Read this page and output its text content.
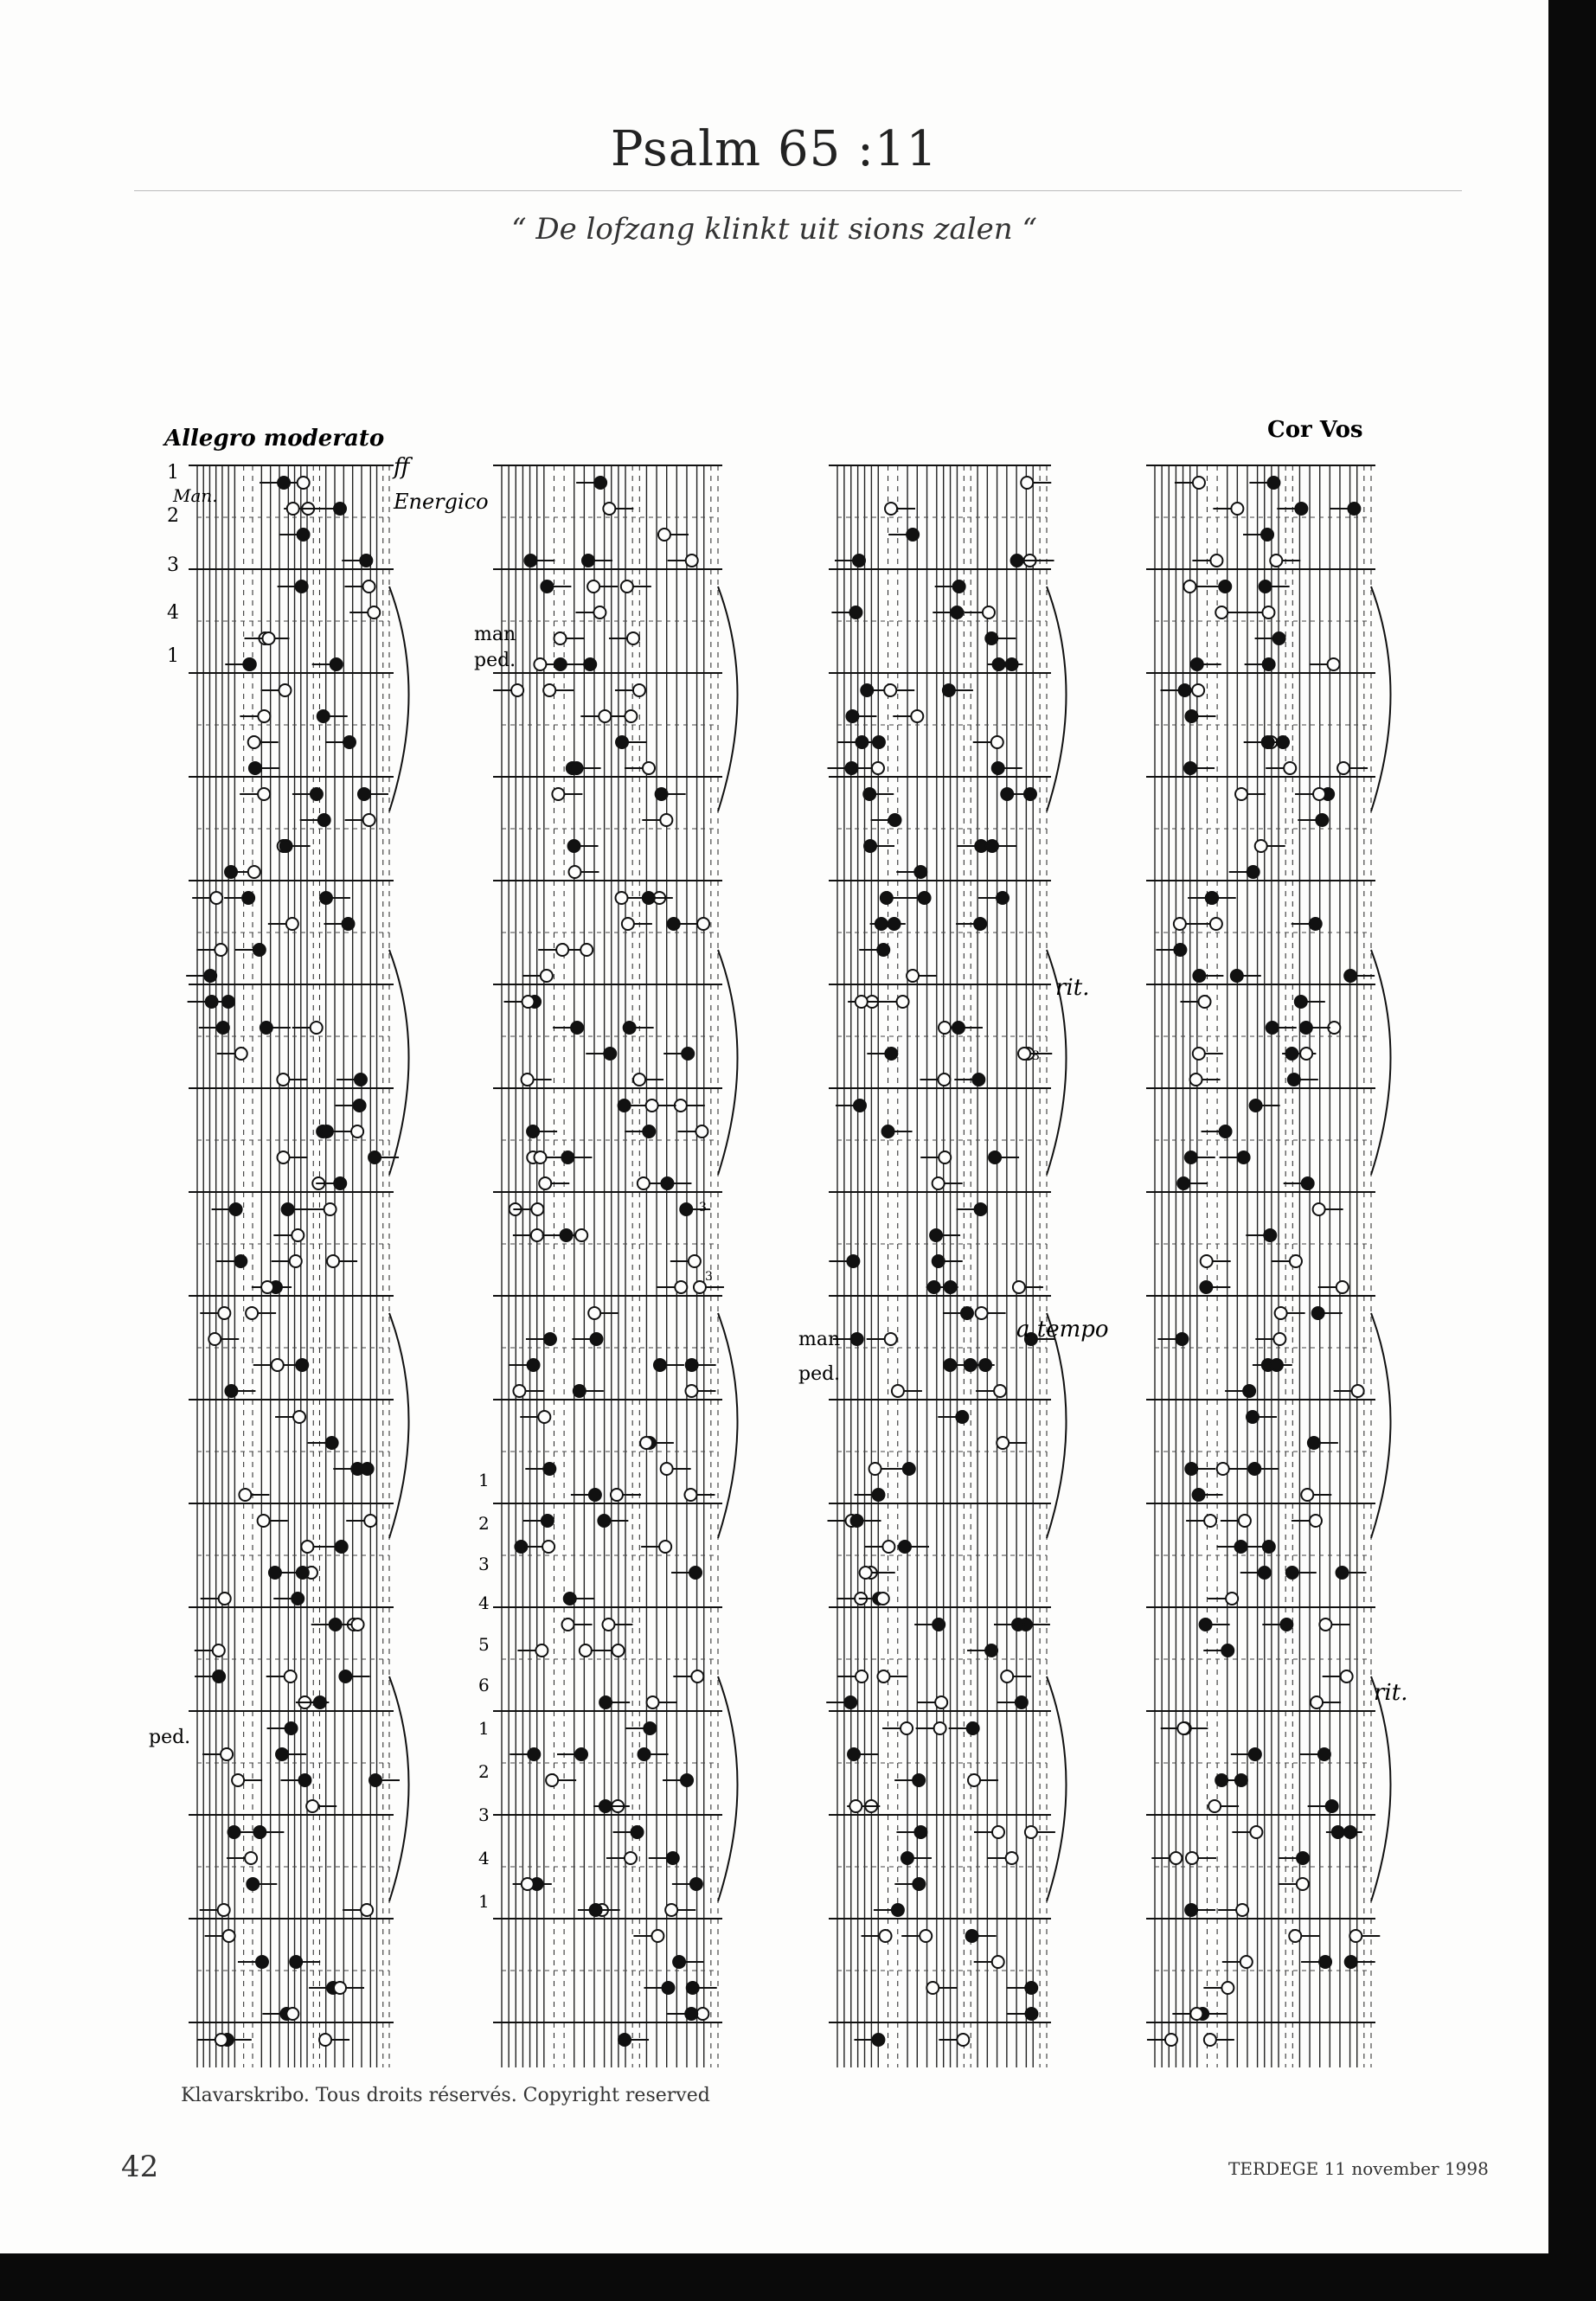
Psalm 65 :11
“ De lofzang klinkt uit sions zalen “
Allegro moderato
Man.
ff
Energico
man
ped.
ped.
rit.
a tempo
man
ped.
Cor Vos
rit.
1
2
3
4
1
1
2
3
4
5
6
1
2
3
4
1
3
3
3
Klavarskribo. Tous droits réservés. Copyright reserved
42	TERDEGE 11 november 1998
